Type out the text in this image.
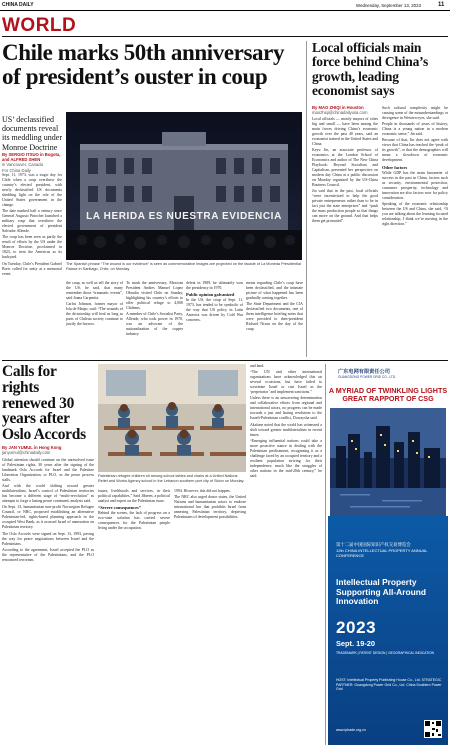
CHINA DAILY	Wednesday, September 13, 2023	11
WORLD
Chile marks 50th anniversary of president’s ouster in coup
US’ declassified documents reveal its meddling under Monroe Doctrine
By SERGIO ITSUO in Bogota,
and ALFRED SHEN
in Vancouver, Canada
For China Daily

Sept. 11, 1973, was a tragic day for Chile when a coup overthrew the country’s elected president, with newly declassified US documents shedding light on the role of the United States government in the change.

The date marked half a century since General Augusto Pinochet launched a military coup that overthrew the elected government of president Salvador Allende.

The coup has been seen as partly the result of efforts by the US under the Monroe Doctrine, proclaimed in 1823, to treat the Americas as its backyard.

On Tuesday, Chile’s President Gabriel Boric called for unity at a memorial event.

LA HERIDA ES NUESTRA EVIDENCIA
The Spanish phrase “The wound is our evidence” is seen as commemorative images are projected on the facade of La Moneda Presidential Palace in Santiago, Chile, on Monday.

the coup, as well as tell the story of the US, he said, that many remember those “traumatic events”, said Joana Carpentia.

Carlos Johnson, former mayor of Isla de Maipo, said: “The wounds of the dictatorship will heal as long as parts of Chilean society continue to justify the horrors.

To mark the anniversary, Mexican President Andres Manuel Lopez Obrador visited Chile on Sunday, highlighting his country’s efforts to offer political refuge to 4,000 Chileans.

A member of Chile’s Socialist Party, Allende, who took power in 1970, was an advocate of the nationalization of the copper industry.

defeat in 1989, he ultimately won the presidency in 1970.

Public opinion galvanized

In the US, the coup of Sept. 11, 1973, has tended to be symbolic of the way that US policy in Latin America was driven by Cold War concerns.

ments regarding Chile’s coup have been declassified, and the intimate picture of what happened has been gradually coming together.

The State Department and the CIA declassified two documents, one of them intelligence briefing notes that were provided to then-president Richard Nixon on the day of the coup.

Local officials main force behind China’s growth, leading economist says
By MAO ZHIQI in Houston
maozhiqi@chinadailyusa.com

Local officials — mostly mayors of cities big and small — have been among the main forces driving China’s economic growth over the past 40 years, said an economist trained in the United States and China.

Keyu Jin, an associate professor of economics at the London School of Economics and author of The New China Playbook: Beyond Socialism and Capitalism, presented her perspective on modern day China at a public discussion on Monday organized by the US-China Business Council.

Jin said that in the past, local officials “were incentivized to help the good private entrepreneurs rather than to be in fact just the state enterprises” and “push the mass production people so that things can move on the ground. And that helps them get promoted”.

Such cultural complexity might be causing some of the misunderstandings or divergence in Western eyes, she said.

People in thousands of years of history, China is a young nation in a modern economic sense,” Jin said.

Because of that, Jin does not agree with views that China has reached the “peak of its growth”, or that the demographics will mean a slowdown of economic development.

Other factors

While GDP has the main barometer of success in the past in China, factors such as security, environmental protection, consumer prosperity, technology and innovation are also factors now for policy consideration.

Speaking of the economic relationship between the US and China, she said, “If you are talking about the learning focused relationship, I think we’re moving in the right direction.”

Calls for rights renewed 30 years after Oslo Accords
By JAN YUMUL in Hong Kong
janyumul@chinadaily.com

Global attention should continue on the unresolved issue of Palestinian rights, 30 years after the signing of the landmark Oslo Accords for Israel and the Palestine Liberation Organization, or PLO, as the peace process stalls.

And with the world shifting toward greater multilateralism, Israel’s control of Palestinian territories has become a different stage of “multi-revolution” as attempts to forge a lasting peace continued, analysts said.

On Sept. 13, humanitarian non-profit Norwegian Refugee Council, or NRC, proposed establishing an alternative Palestinian-led, rights-based planning approach in the occupied West Bank, as it accused Israel of annexation on Palestinian territory.

The Oslo Accords were signed on Sept. 13, 1993, paving the way for peace negotiations between Israel and the Palestinians.

According to the agreement, Israel accepted the PLO as the representative of the Palestinians, and the PLO renounced terrorism.

Palestinian refugee children sit among school tables and chairs at a United Nations Relief and Works Agency school in the Lebanon southern port city of Sidon on Monday.

issues, livelihoods and services, in their political capabilities,” Said Jibreen, a political analyst and expert on the Palestinian issue.

“Severe consequences”

Behind the scenes, the lack of progress on a two-state solution has carried severe consequences for the Palestinian people living under the occupation.

1994. However, this did not happen.

The NRC also urged donor states, the United Nations and humanitarian actors to endorse international law that prohibits Israel from annexing Palestinian territory, depriving Palestinians of development possibilities.

and land.

“The UN and other international organizations have acknowledged this on several occasions, but have failed to scrutinize Israel or cast Israel as the ‘perpetrator’ and implement sanctions.”

Unless there is an unwavering determination and collaborative efforts from regional and international actors, no progress can be made towards a just and lasting resolution to the Israeli-Palestinian conflict, Dowaysha said.

Akalone noted that the world has witnessed a shift toward greater multilateralism in recent times.

“Emerging influential nations could take a more proactive stance in dealing with the Palestinian predicament, recognizing it as a challenge faced by an occupied territory and a resilient population striving for their independence, much like the struggles of other nations in the mid-20th century,” he said.

广东电网有限责任公司
GUANGDONG POWER GRID CO., LTD.
A MYRIAD OF TWINKLING LIGHTS GREAT RAPPORT OF CSG
第十二届中国国际知识产权交易博览会
12th CHINA INTELLECTUAL PROPERTY ANNUAL CONFERENCE
Intellectual Property Supporting All-Around Innovation
2023
Sept. 19-20
TRADEMARK | PATENT DESIGN | GEOGRAPHICAL INDICATION
HOST: Intellectual Property Publishing House Co., Ltd. STRATEGIC PARTNER: Guangdong Power Grid Co., Ltd. China Southern Power Grid
www.iptrade.org.cn
